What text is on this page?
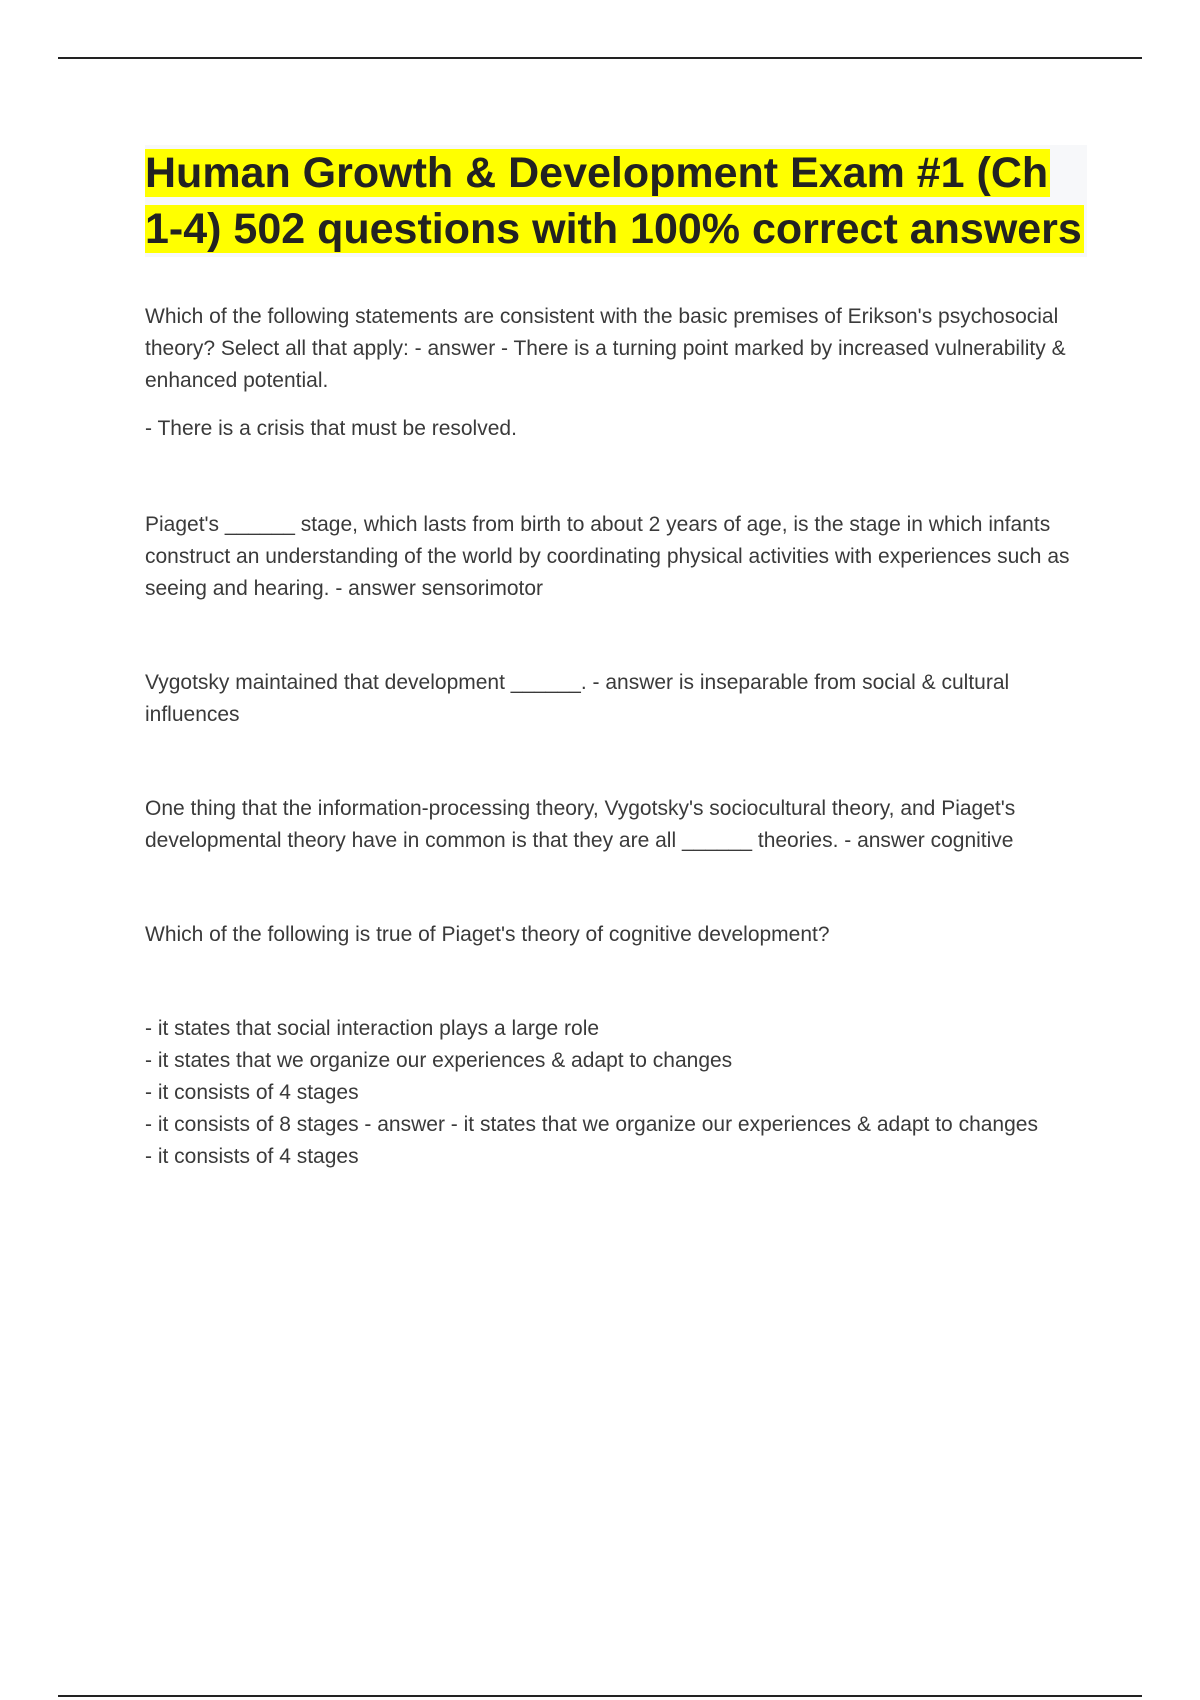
Human Growth & Development Exam #1 (Ch 1-4) 502 questions with 100% correct answers

Which of the following statements are consistent with the basic premises of Erikson's psychosocial theory? Select all that apply: - answer - There is a turning point marked by increased vulnerability & enhanced potential.

- There is a crisis that must be resolved.

Piaget's ______ stage, which lasts from birth to about 2 years of age, is the stage in which infants construct an understanding of the world by coordinating physical activities with experiences such as seeing and hearing. - answer sensorimotor

Vygotsky maintained that development ______. - answer is inseparable from social & cultural influences

One thing that the information-processing theory, Vygotsky's sociocultural theory, and Piaget's developmental theory have in common is that they are all ______ theories. - answer cognitive

Which of the following is true of Piaget's theory of cognitive development?

- it states that social interaction plays a large role

- it states that we organize our experiences & adapt to changes

- it consists of 4 stages

- it consists of 8 stages - answer - it states that we organize our experiences & adapt to changes

- it consists of 4 stages
